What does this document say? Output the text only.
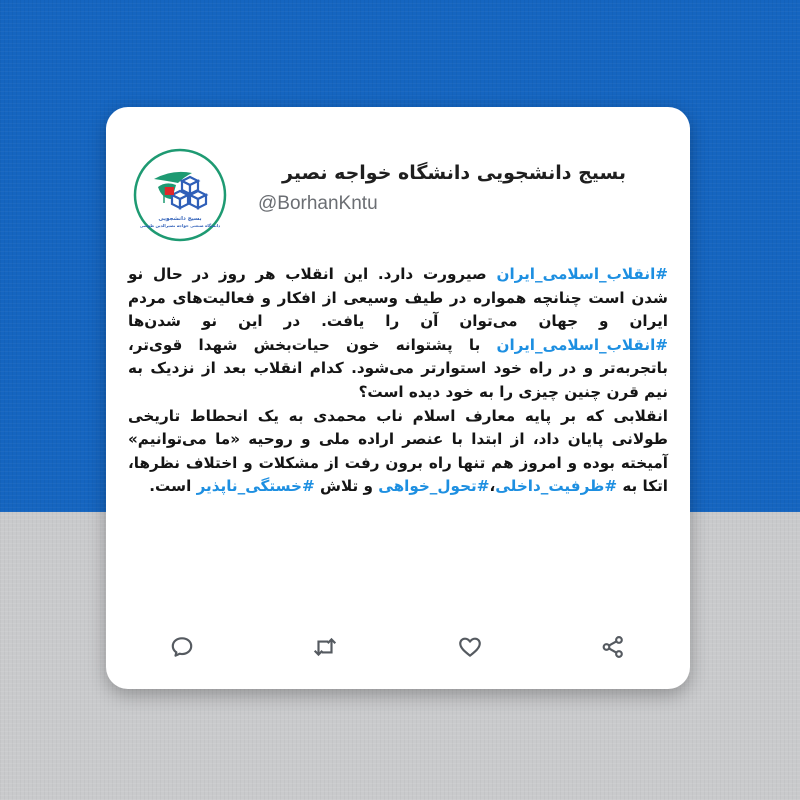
بسیج دانشجویی
دانشگاه صنعتی خواجه نصیرالدین طوسی
بسیج دانشجویی دانشگاه خواجه نصیر
@BorhanKntu

#انقلاب_اسلامی_ایران صیرورت دارد. این انقلاب هر روز در حال نو شدن است چنانچه همواره در طیف وسیعی از افکار و فعالیت‌های مردم ایران و جهان می‌توان آن را یافت. در این نو شدن‌ها #انقلاب_اسلامی_ایران با پشتوانه خون حیات‌بخش شهدا قوی‌تر، باتجربه‌تر و در راه خود استوارتر می‌شود. کدام انقلاب بعد از نزدیک به نیم قرن چنین چیزی را به خود دیده است؟

انقلابی که بر پایه معارف اسلام ناب محمدی به یک انحطاط تاریخی طولانی پایان داد، از ابتدا با عنصر اراده ملی و روحیه «ما می‌توانیم» آمیخته بوده و امروز هم تنها راه برون رفت از مشکلات و اختلاف نظرها، اتکا به #ظرفیت_داخلی،#تحول_خواهی و تلاش #خستگی_ناپذیر است.
